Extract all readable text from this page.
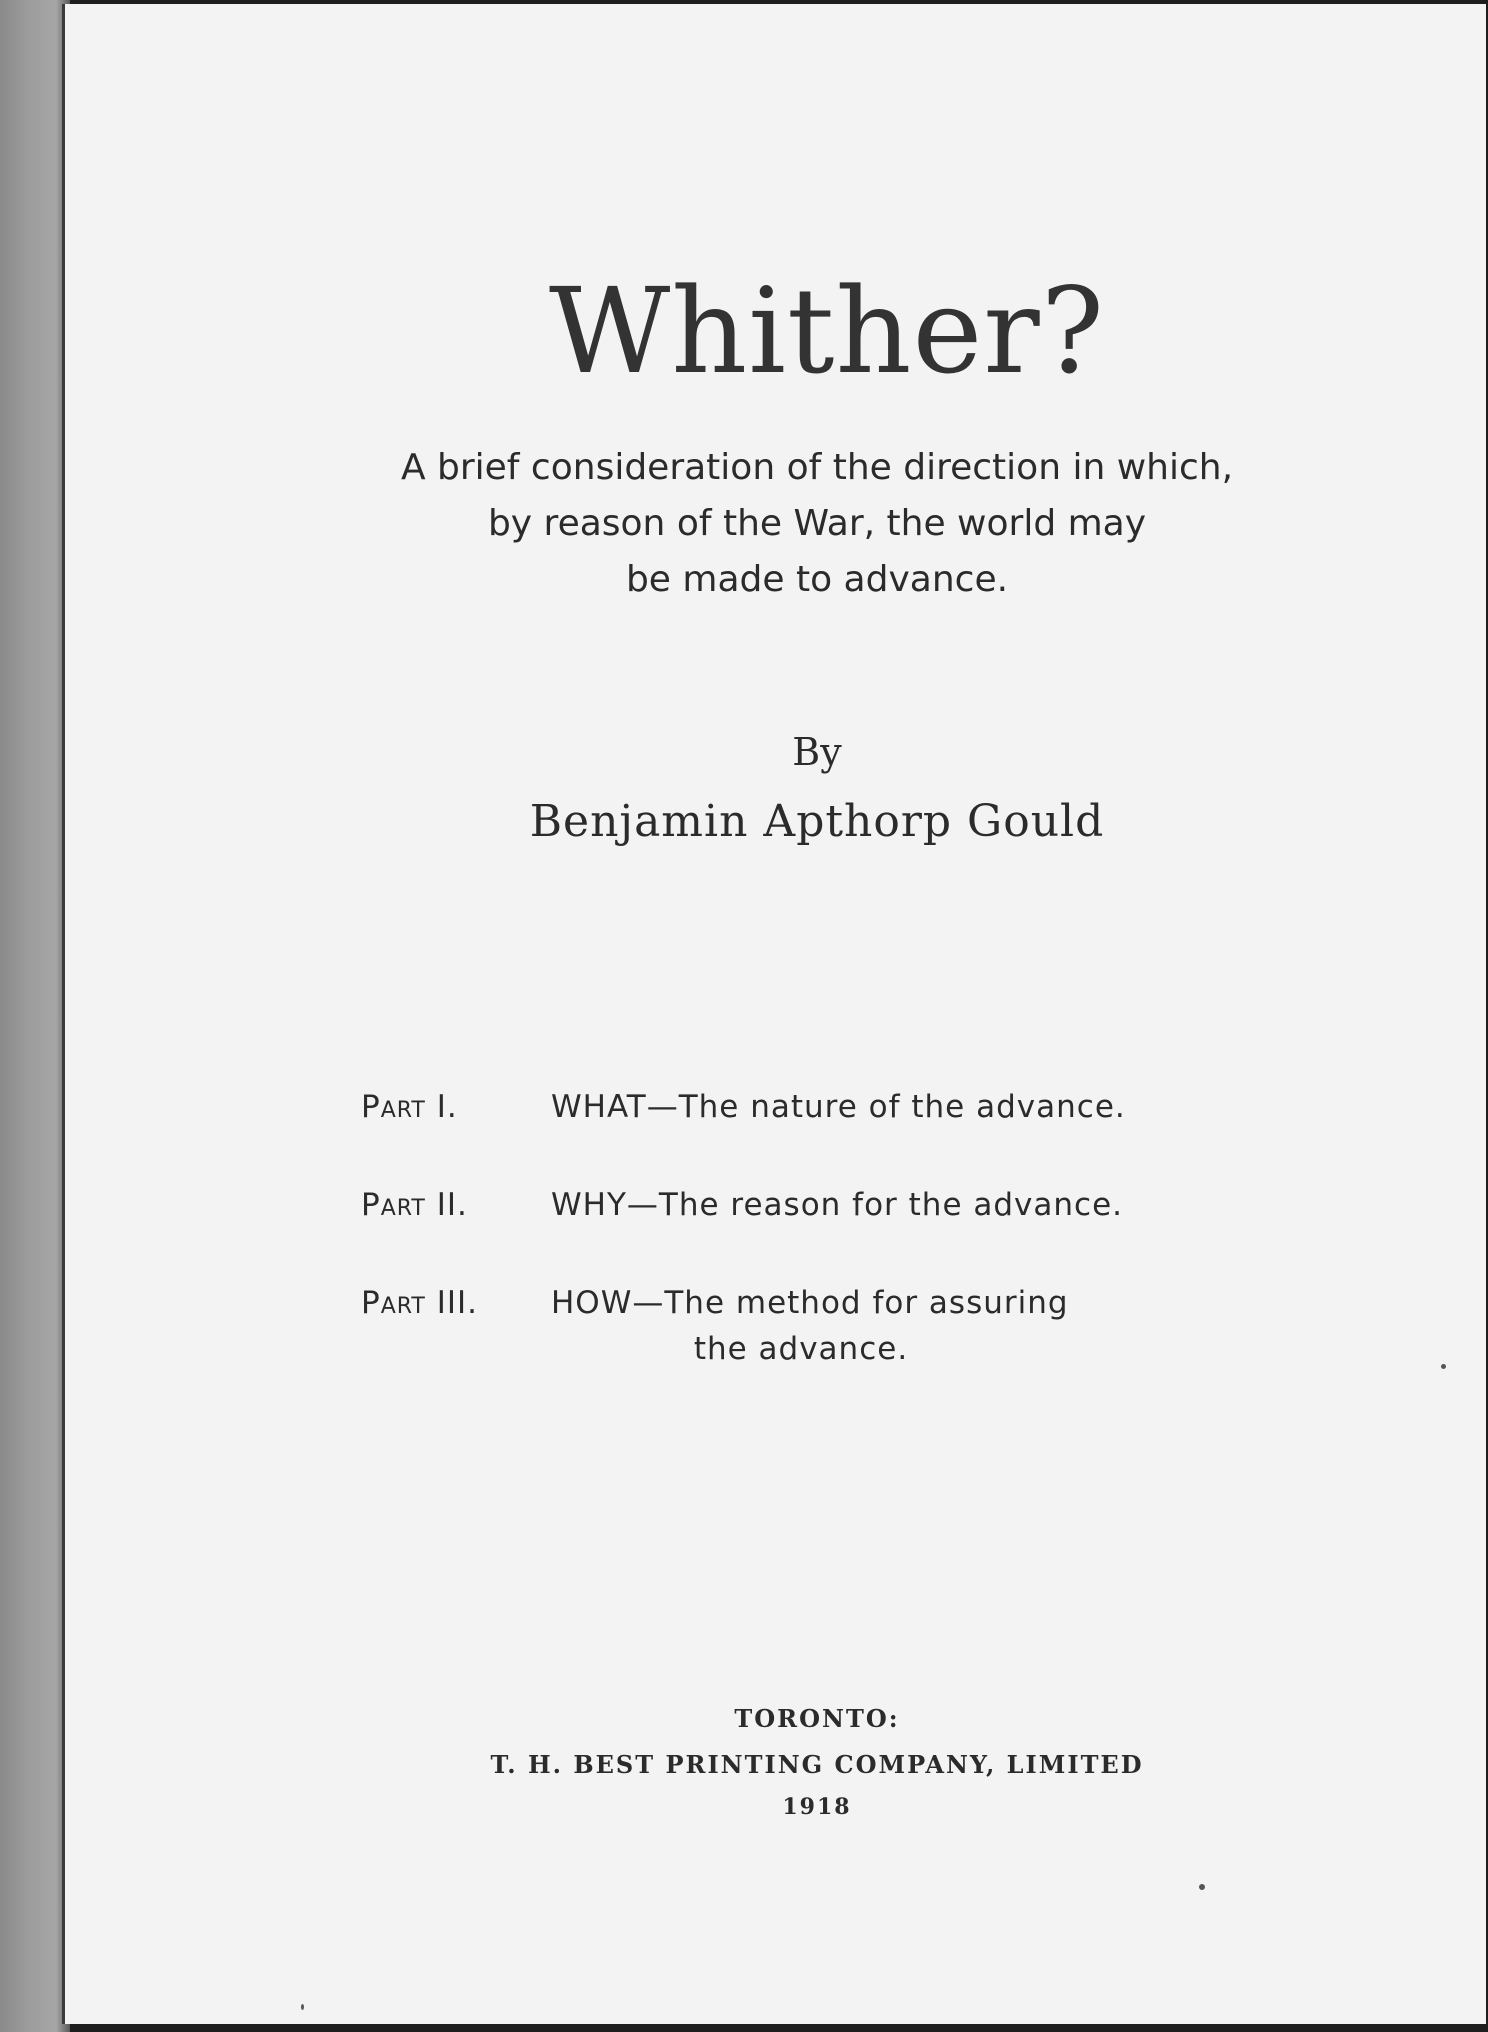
Whither?
A brief consideration of the direction in which,
by reason of the War, the world may
be made to advance.
By
Benjamin Apthorp Gould
Part I.	WHAT—The nature of the advance.
Part II.	WHY—The reason for the advance.
Part III.	HOW—The method for assuring
the advance.
TORONTO:
T. H. BEST PRINTING COMPANY, LIMITED
1918
